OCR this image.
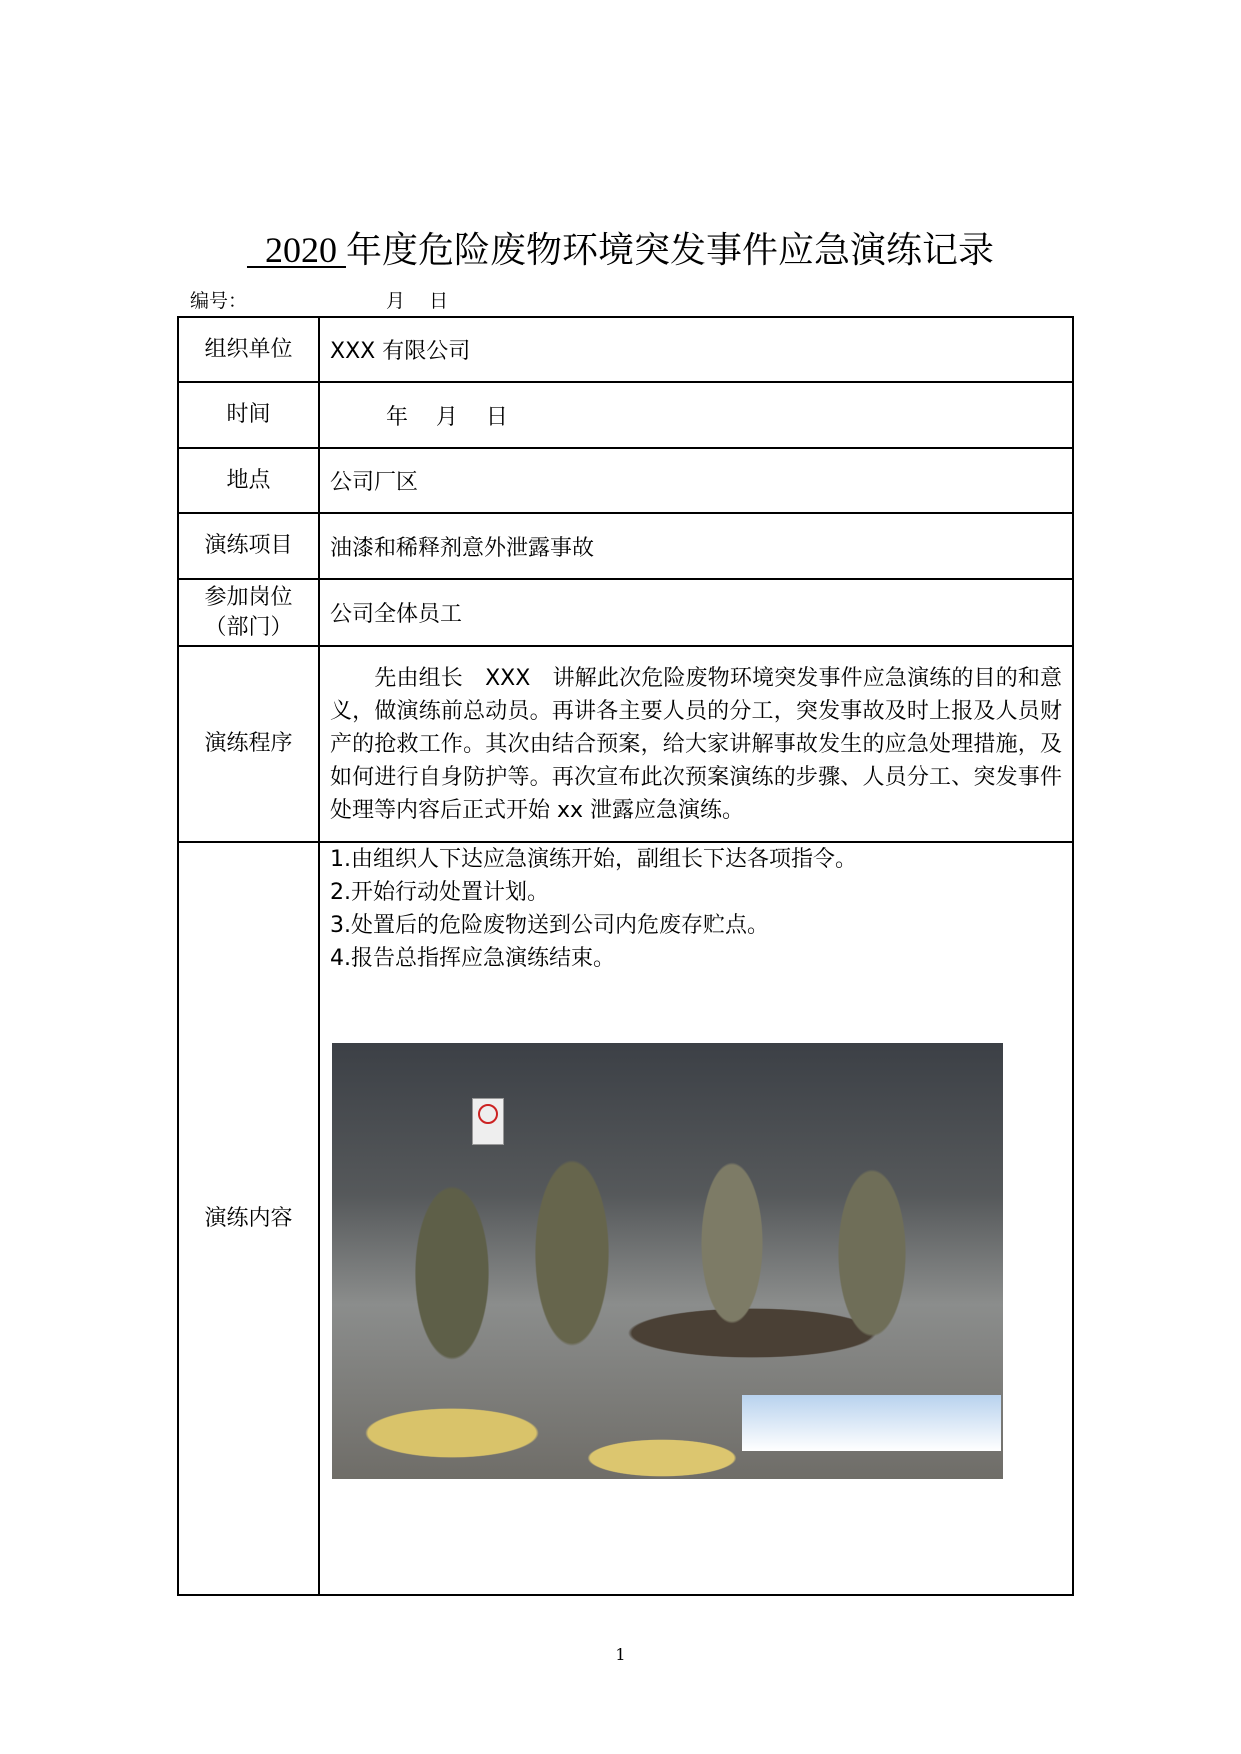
2020 年度危险废物环境突发事件应急演练记录
编号：	月    日
组织单位	XXX 有限公司
时间	年    月    日
地点	公司厂区
演练项目	油漆和稀释剂意外泄露事故
参加岗位（部门）	公司全体员工
演练程序	　　先由组长　XXX　讲解此次危险废物环境突发事件应急演练的目的和意义，做演练前总动员。再讲各主要人员的分工，突发事故及时上报及人员财产的抢救工作。其次由结合预案，给大家讲解事故发生的应急处理措施，及如何进行自身防护等。再次宣布此次预案演练的步骤、人员分工、突发事件处理等内容后正式开始 xx 泄露应急演练。
演练内容	1.由组织人下达应急演练开始，副组长下达各项指令。
2.开始行动处置计划。
3.处置后的危险废物送到公司内危废存贮点。
4.报告总指挥应急演练结束。
1
